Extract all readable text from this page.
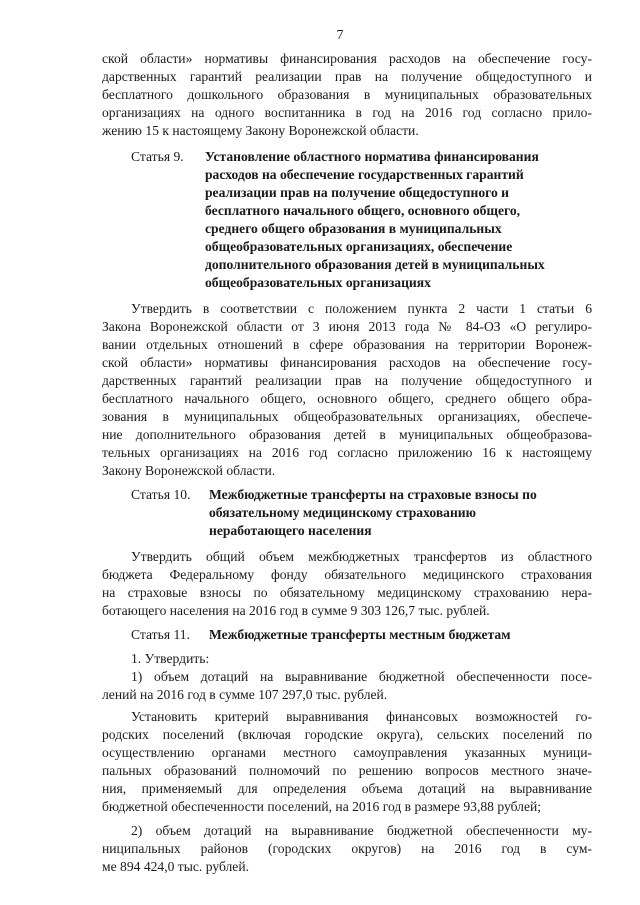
7
ской области» нормативы финансирования расходов на обеспечение госу-
дарственных гарантий реализации прав на получение общедоступного и
бесплатного дошкольного образования в муниципальных образовательных
организациях на одного воспитанника в год на 2016 год согласно прило-
жению 15 к настоящему Закону Воронежской области.
Статья 9. Установление областного норматива финансирования
расходов на обеспечение государственных гарантий
реализации прав на получение общедоступного и
бесплатного начального общего, основного общего,
среднего общего образования в муниципальных
общеобразовательных организациях, обеспечение
дополнительного образования детей в муниципальных
общеобразовательных организациях
Утвердить в соответствии с положением пункта 2 части 1 статьи 6
Закона Воронежской области от 3 июня 2013 года № 84-ОЗ «О регулиро-
вании отдельных отношений в сфере образования на территории Воронеж-
ской области» нормативы финансирования расходов на обеспечение госу-
дарственных гарантий реализации прав на получение общедоступного и
бесплатного начального общего, основного общего, среднего общего обра-
зования в муниципальных общеобразовательных организациях, обеспече-
ние дополнительного образования детей в муниципальных общеобразова-
тельных организациях на 2016 год согласно приложению 16 к настоящему
Закону Воронежской области.
Статья 10. Межбюджетные трансферты на страховые взносы по
обязательному медицинскому страхованию
неработающего населения
Утвердить общий объем межбюджетных трансфертов из областного
бюджета Федеральному фонду обязательного медицинского страхования
на страховые взносы по обязательному медицинскому страхованию нера-
ботающего населения на 2016 год в сумме 9 303 126,7 тыс. рублей.
Статья 11. Межбюджетные трансферты местным бюджетам
1. Утвердить:
1) объем дотаций на выравнивание бюджетной обеспеченности посе-
лений на 2016 год в сумме 107 297,0 тыс. рублей.
Установить критерий выравнивания финансовых возможностей го-
родских поселений (включая городские округа), сельских поселений по
осуществлению органами местного самоуправления указанных муници-
пальных образований полномочий по решению вопросов местного значе-
ния, применяемый для определения объема дотаций на выравнивание
бюджетной обеспеченности поселений, на 2016 год в размере 93,88 рублей;
2) объем дотаций на выравнивание бюджетной обеспеченности му-
ниципальных районов (городских округов) на 2016 год в сум-
ме 894 424,0 тыс. рублей.
